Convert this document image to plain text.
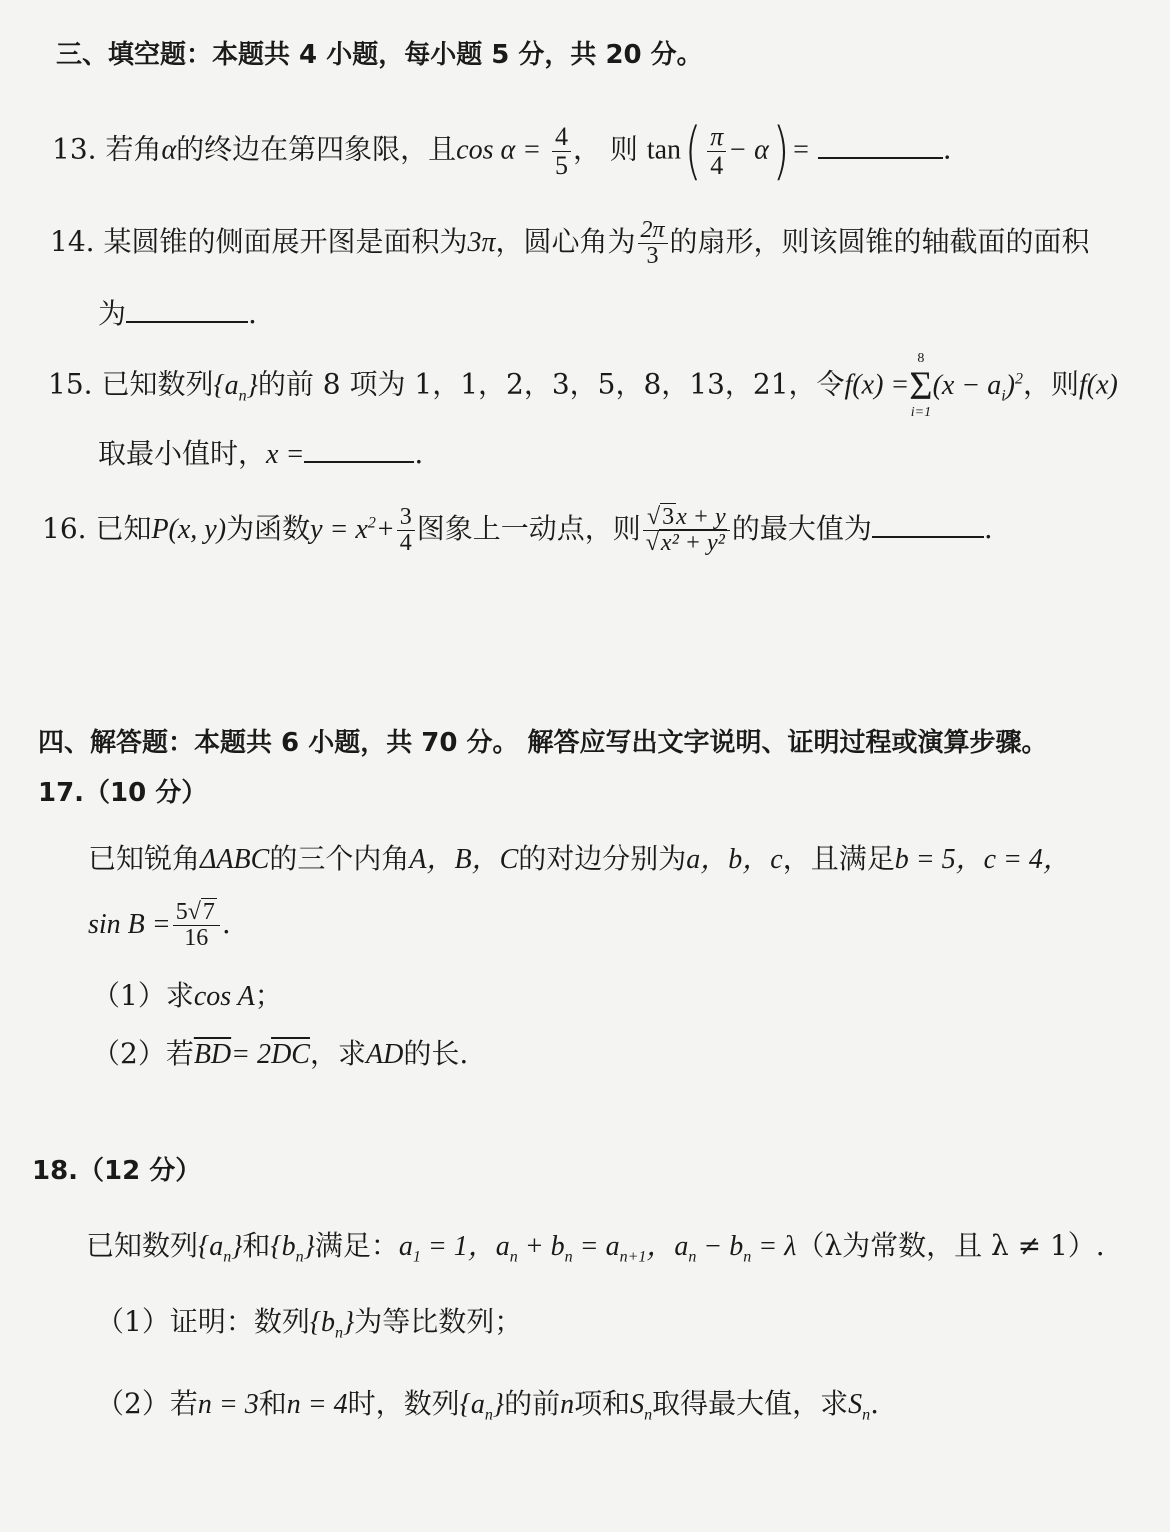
三、填空题：本题共 4 小题，每小题 5 分，共 20 分。
13. 若角α的终边在第四象限，且$\cos \alpha = \frac{4}{5}$ ， 则 $\tan( \frac{\pi}{4} - \alpha)$ =	.
14. 某圆锥的侧面展开图是面积为3π，圆心角为 $\frac{2\pi}{3}$ 的扇形，则该圆锥的轴截面的面积
为	.
15. 已知数列$\{a_n\}$的前 8 项为 1，1，2，3，5，8，13，21，令f(x) =
8
Σ
i=1
$(x - a_i)^2$，则f(x)
取最小值时，x =	.
16. 已知P(x, y)为函数$y = x^2+ \frac{3}{4}$ 图象上一动点，则 $\frac{√3x + y}{\text{√x² + y²}}$ 的最大值为	.
四、解答题：本题共 6 小题，共 70 分。 解答应写出文字说明、证明过程或演算步骤。
17.（10 分）
已知锐角ΔABC的三个内角A，B，C的对边分别为a，b，c，且满足b = 5，c = 4，
$\sin B = \frac{5√7}{16}$ .
（1）求cos A；
（2）若$\overline{BD}= 2\overline{DC}$，求AD的长.
18.（12 分）
已知数列$\{a_n\}$和$\{b_n\}$满足：$a_1 = 1$，$a_n + b_n = a_{n+1}$，$a_n - b_n = \lambda(\lambda$为常数，且 λ ≠ 1）.
（1）证明：数列$\{b_n\}$为等比数列；
（2）若n = 3和n = 4时，数列$\{a_n\}$的前n项和$S_n$取得最大值，求$S_n$.
